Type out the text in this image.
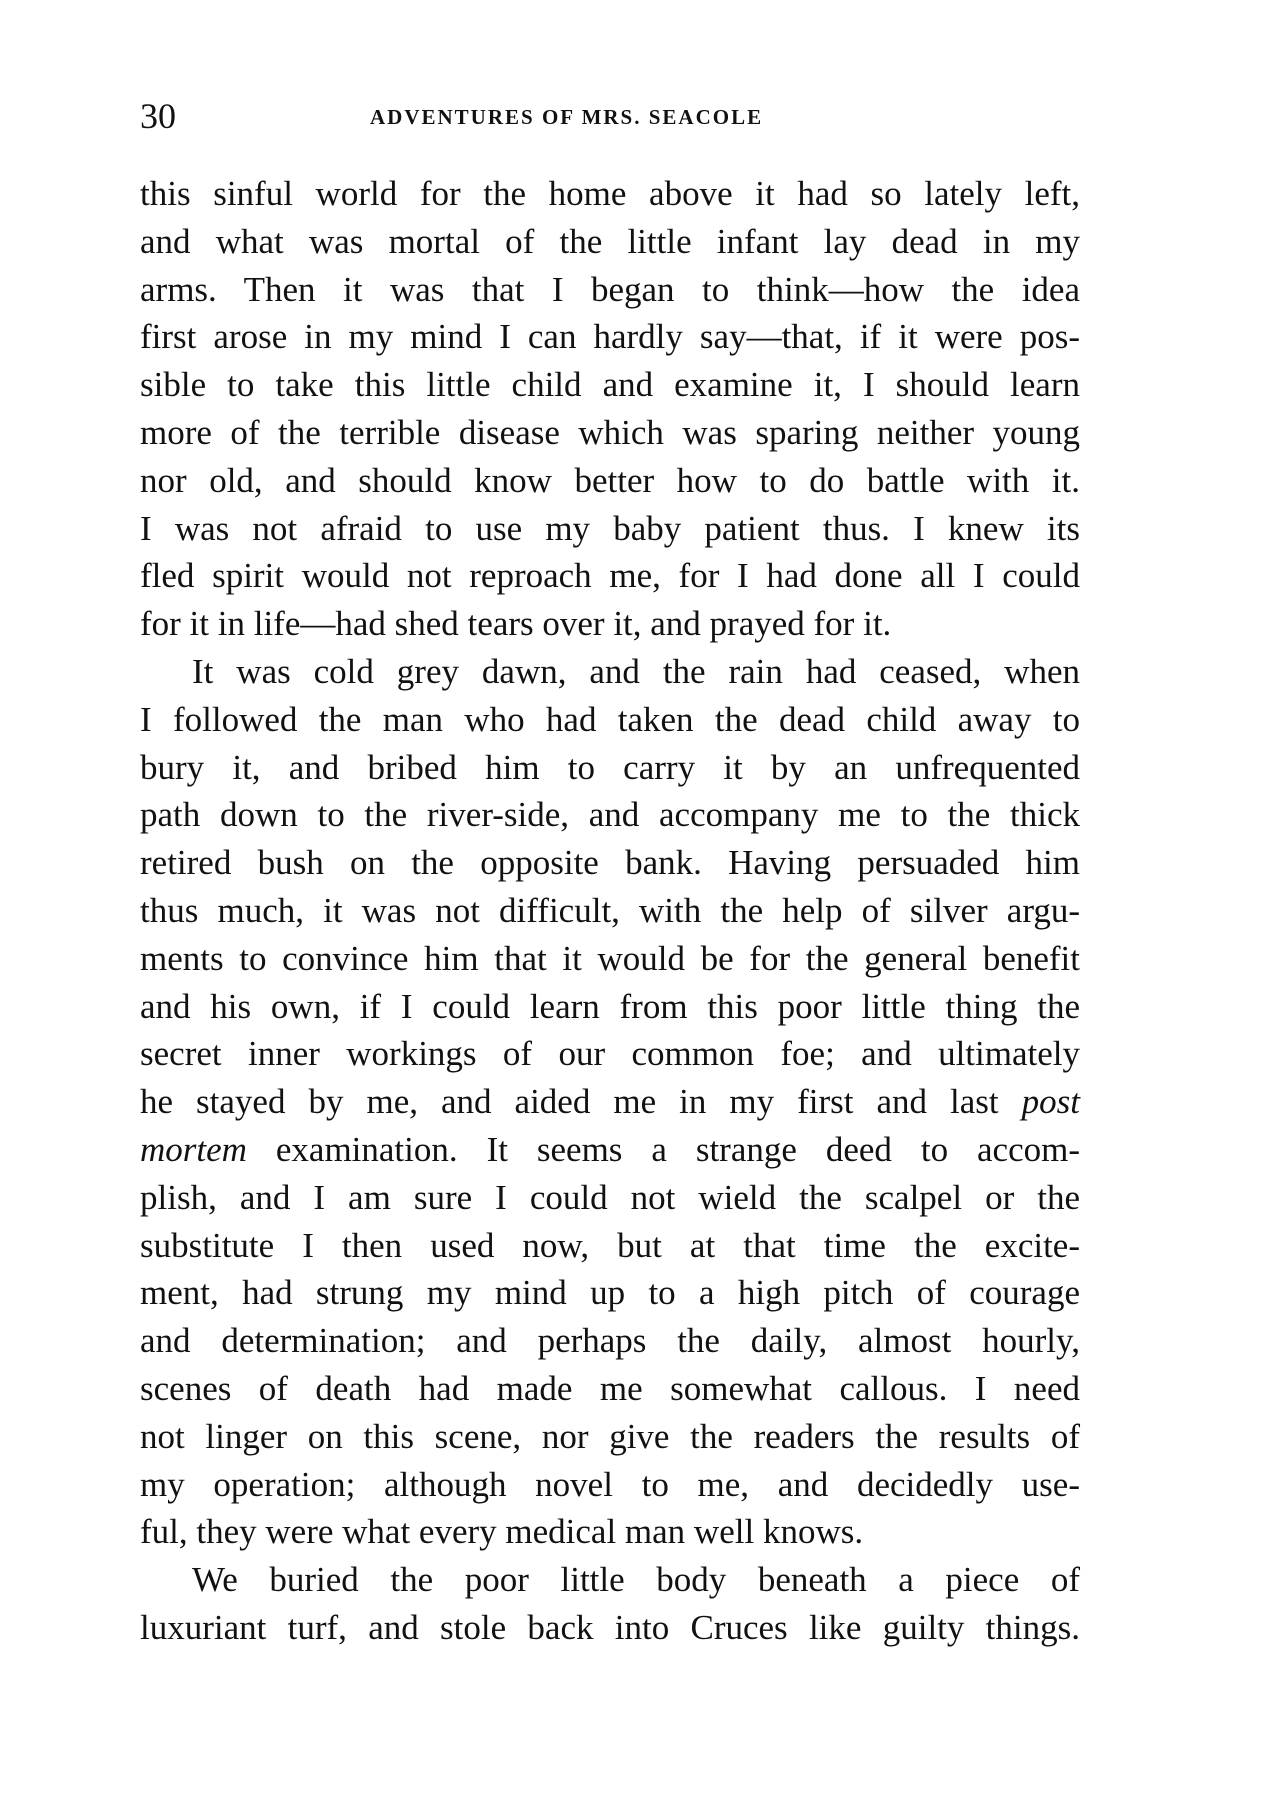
30	ADVENTURES OF MRS. SEACOLE
this sinful world for the home above it had so lately left,
and what was mortal of the little infant lay dead in my
arms. Then it was that I began to think—how the idea
first arose in my mind I can hardly say—that, if it were pos-
sible to take this little child and examine it, I should learn
more of the terrible disease which was sparing neither young
nor old, and should know better how to do battle with it.
I was not afraid to use my baby patient thus. I knew its
fled spirit would not reproach me, for I had done all I could
for it in life—had shed tears over it, and prayed for it.
It was cold grey dawn, and the rain had ceased, when
I followed the man who had taken the dead child away to
bury it, and bribed him to carry it by an unfrequented
path down to the river-side, and accompany me to the thick
retired bush on the opposite bank. Having persuaded him
thus much, it was not difficult, with the help of silver argu-
ments to convince him that it would be for the general benefit
and his own, if I could learn from this poor little thing the
secret inner workings of our common foe; and ultimately
he stayed by me, and aided me in my first and last post
mortem examination. It seems a strange deed to accom-
plish, and I am sure I could not wield the scalpel or the
substitute I then used now, but at that time the excite-
ment, had strung my mind up to a high pitch of courage
and determination; and perhaps the daily, almost hourly,
scenes of death had made me somewhat callous. I need
not linger on this scene, nor give the readers the results of
my operation; although novel to me, and decidedly use-
ful, they were what every medical man well knows.
We buried the poor little body beneath a piece of
luxuriant turf, and stole back into Cruces like guilty things.
